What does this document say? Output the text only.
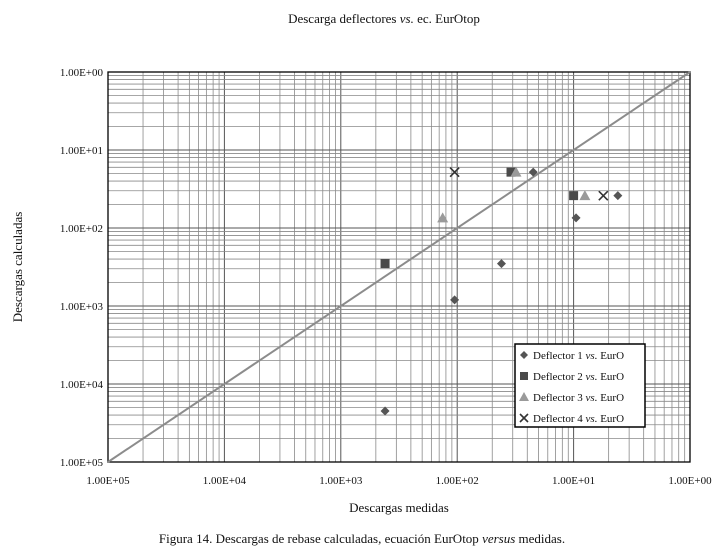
Descarga deflectores vs. ec. EurOtop
1.00E+05	1.00E+04	1.00E+03	1.00E+02	1.00E+01	1.00E+00
1.00E+00
1.00E+01
1.00E+02
1.00E+03
1.00E+04
1.00E+05
Descargas medidas
Descargas calculadas
Deflector 1 vs. EurO
Deflector 2 vs. EurO
Deflector 3 vs. EurO
Deflector 4 vs. EurO
Figura 14. Descargas de rebase calculadas, ecuación EurOtop versus medidas.
